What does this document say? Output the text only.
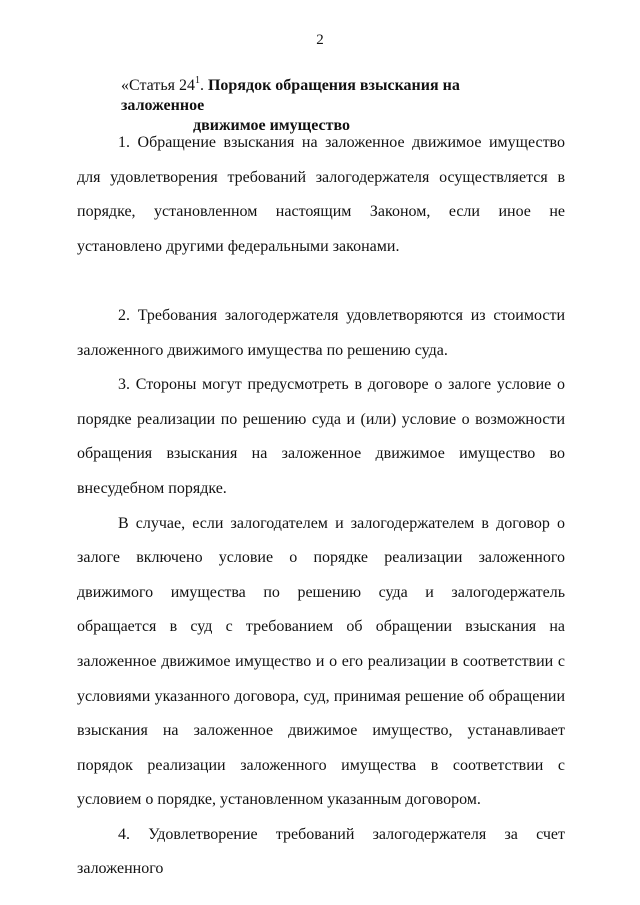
2
«Статья $24^1$. Порядок обращения взыскания на заложенное
движимое имущество

1. Обращение взыскания на заложенное движимое имущество для удовлетворения требований залогодержателя осуществляется в порядке, установленном настоящим Законом, если иное не установлено другими федеральными законами.

2. Требования залогодержателя удовлетворяются из стоимости заложенного движимого имущества по решению суда.

3. Стороны могут предусмотреть в договоре о залоге условие о порядке реализации по решению суда и (или) условие о возможности обращения взыскания на заложенное движимое имущество во внесудебном порядке.

В случае, если залогодателем и залогодержателем в договор о залоге включено условие о порядке реализации заложенного движимого имущества по решению суда и залогодержатель обращается в суд с требованием об обращении взыскания на заложенное движимое имущество и о его реализации в соответствии с условиями указанного договора, суд, принимая решение об обращении взыскания на заложенное движимое имущество, устанавливает порядок реализации заложенного имущества в соответствии с условием о порядке, установленном указанным договором.

4. Удовлетворение требований залогодержателя за счет заложенного
